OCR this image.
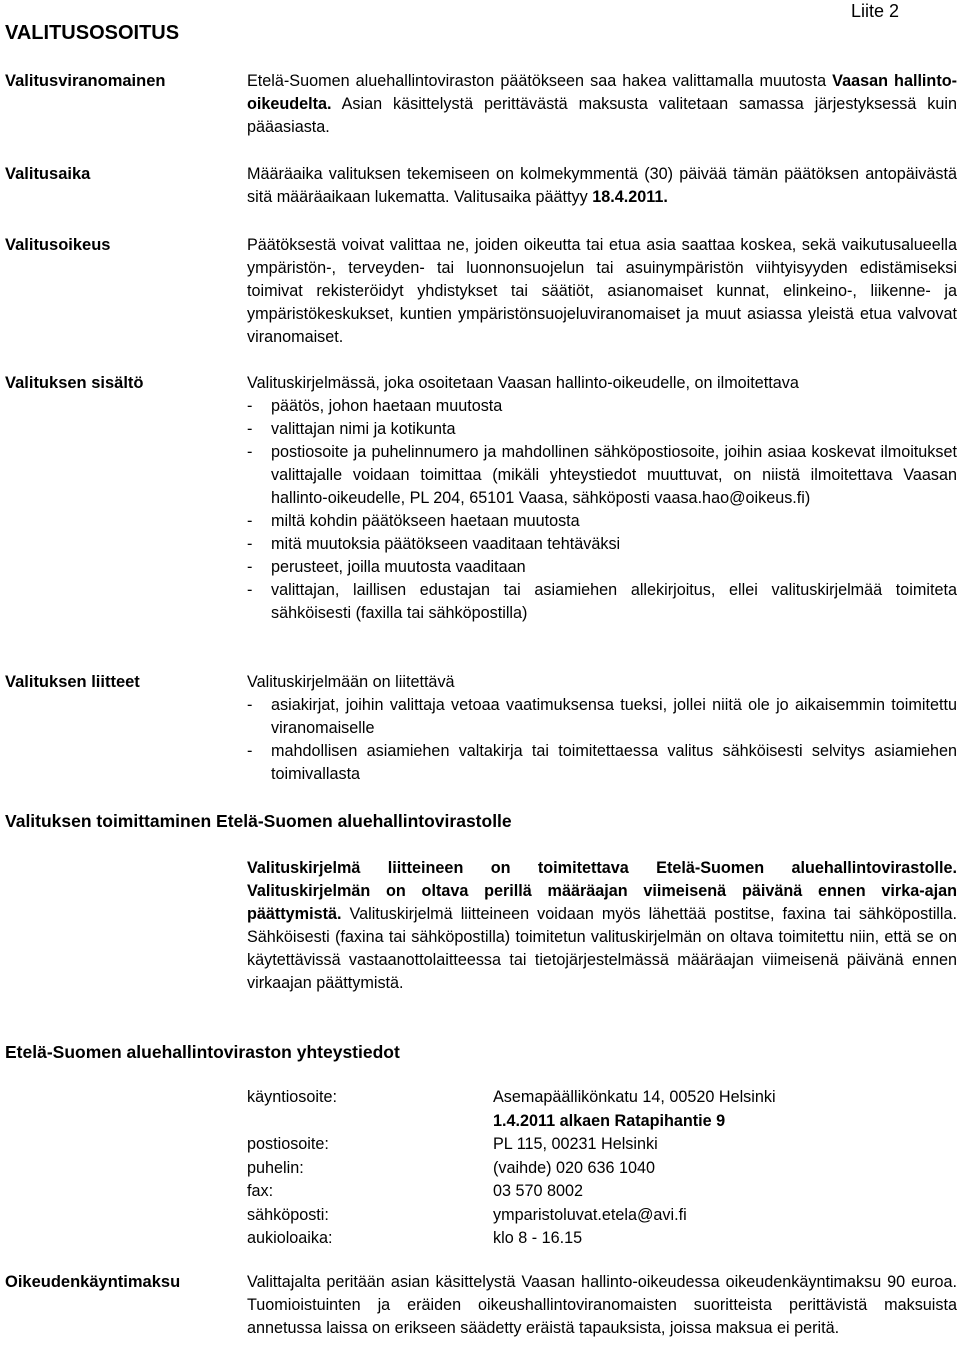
VALITUSOSOITUS
Liite 2
Valitusviranomainen	Etelä-Suomen aluehallintoviraston päätökseen saa hakea valittamalla muutosta Vaasan hallinto-oikeudelta. Asian käsittelystä perittävästä maksusta valitetaan samassa järjestyksessä kuin pääasiasta.

Valitusaika	Määräaika valituksen tekemiseen on kolmekymmentä (30) päivää tämän päätöksen antopäivästä sitä määräaikaan lukematta. Valitusaika päättyy 18.4.2011.

Valitusoikeus	Päätöksestä voivat valittaa ne, joiden oikeutta tai etua asia saattaa koskea, sekä vaikutusalueella ympäristön-, terveyden- tai luonnonsuojelun tai asuinympäristön viihtyisyyden edistämiseksi toimivat rekisteröidyt yhdistykset tai säätiöt, asianomaiset kunnat, elinkeino-, liikenne- ja ympäristökeskukset, kuntien ympäristönsuojeluviranomaiset ja muut asiassa yleistä etua valvovat viranomaiset.

Valituksen sisältö	Valituskirjelmässä, joka osoitetaan Vaasan hallinto-oikeudelle, on ilmoitettava

- päätös, johon haetaan muutosta
- valittajan nimi ja kotikunta
- postiosoite ja puhelinnumero ja mahdollinen sähköpostiosoite, joihin asiaa koskevat ilmoitukset valittajalle voidaan toimittaa (mikäli yhteystiedot muuttuvat, on niistä ilmoitettava Vaasan hallinto-oikeudelle, PL 204, 65101 Vaasa, sähköposti vaasa.hao@oikeus.fi)
- miltä kohdin päätökseen haetaan muutosta
- mitä muutoksia päätökseen vaaditaan tehtäväksi
- perusteet, joilla muutosta vaaditaan
- valittajan, laillisen edustajan tai asiamiehen allekirjoitus, ellei valituskirjelmää toimiteta sähköisesti (faxilla tai sähköpostilla)
Valituksen liitteet	Valituskirjelmään on liitettävä

- asiakirjat, joihin valittaja vetoaa vaatimuksensa tueksi, jollei niitä ole jo aikaisemmin toimitettu viranomaiselle
- mahdollisen asiamiehen valtakirja tai toimitettaessa valitus sähköisesti selvitys asiamiehen toimivallasta
Valituksen toimittaminen Etelä-Suomen aluehallintovirastolle

Valituskirjelmä liitteineen on toimitettava Etelä-Suomen aluehallintovirastolle. Valituskirjelmän on oltava perillä määräajan viimeisenä päivänä ennen virka-ajan päättymistä. Valituskirjelmä liitteineen voidaan myös lähettää postitse, faxina tai sähköpostilla. Sähköisesti (faxina tai sähköpostilla) toimitetun valituskirjelmän on oltava toimitettu niin, että se on käytettävissä vastaanottolaitteessa tai tietojärjestelmässä määräajan viimeisenä päivänä ennen virkaajan päättymistä.

Etelä-Suomen aluehallintoviraston yhteystiedot
käyntiosoite:	Asemapäällikönkatu 14, 00520 Helsinki
	1.4.2011 alkaen Ratapihantie 9
postiosoite:	PL 115, 00231 Helsinki
puhelin:	(vaihde) 020 636 1040
fax:	03 570 8002
sähköposti:	ymparistoluvat.etela@avi.fi
aukioloaika:	klo 8 - 16.15
Oikeudenkäyntimaksu	Valittajalta peritään asian käsittelystä Vaasan hallinto-oikeudessa oikeudenkäyntimaksu 90 euroa. Tuomioistuinten ja eräiden oikeushallintoviranomaisten suoritteista perittävistä maksuista annetussa laissa on erikseen säädetty eräistä tapauksista, joissa maksua ei peritä.
